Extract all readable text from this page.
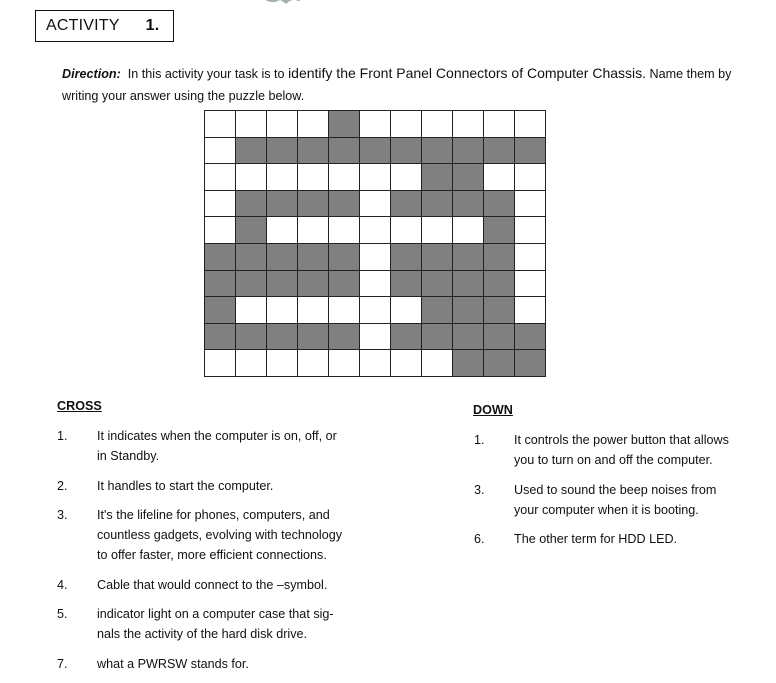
ACTIVITY 1.
Direction: In this activity your task is to identify the Front Panel Connectors of Computer Chassis. Name them by writing your answer using the puzzle below.
CROSS	DOWN
1. It indicates when the computer is on, off, or
in Standby.
2. It handles to start the computer.
3. It's the lifeline for phones, computers, and
countless gadgets, evolving with technology
to offer faster, more efficient connections.
4. Cable that would connect to the –symbol.
5. indicator light on a computer case that sig-
nals the activity of the hard disk drive.
7. what a PWRSW stands for.
1. It controls the power button that allows
you to turn on and off the computer.
3. Used to sound the beep noises from
your computer when it is booting.
6. The other term for HDD LED.
